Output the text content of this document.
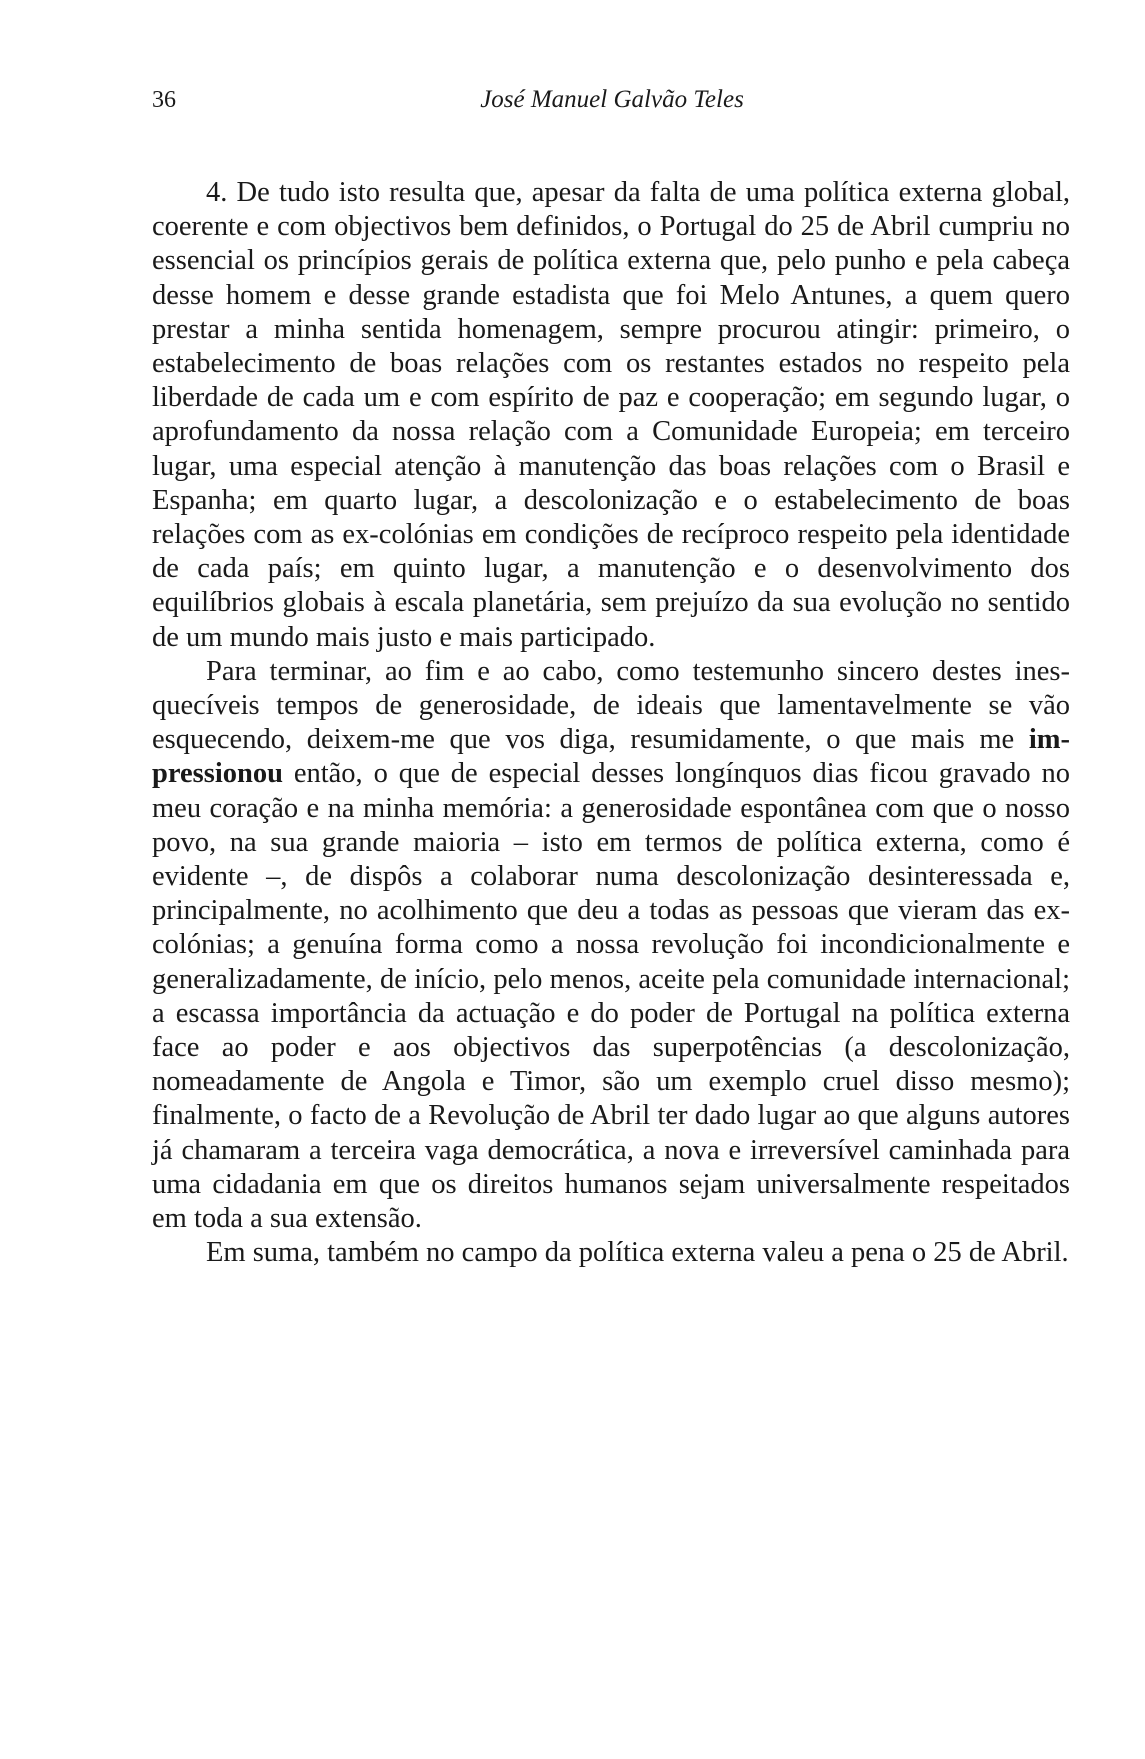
36	José Manuel Galvão Teles

4. De tudo isto resulta que, apesar da falta de uma política externa global, coerente e com objectivos bem definidos, o Portugal do 25 de Abril cumpriu no essencial os princípios gerais de política externa que, pelo punho e pela cabeça desse homem e desse grande estadista que foi Melo Antunes, a quem quero prestar a minha sentida homenagem, sempre procurou atingir: primeiro, o estabelecimento de boas relações com os restantes estados no respeito pela liberdade de cada um e com espírito de paz e cooperação; em segundo lugar, o aprofundamento da nossa relação com a Comunidade Europeia; em terceiro lugar, uma especial atenção à manutenção das boas relações com o Brasil e Espanha; em quarto lugar, a descolonização e o estabelecimento de boas relações com as ex-colónias em condições de recíproco respeito pela identidade de cada país; em quinto lugar, a manutenção e o desenvolvimento dos equilíbrios globais à escala planetária, sem prejuízo da sua evolução no sentido de um mundo mais justo e mais participado.

Para terminar, ao fim e ao cabo, como testemunho sincero destes inesquecíveis tempos de generosidade, de ideais que lamentavelmente se vão esquecendo, deixem-me que vos diga, resumidamente, o que mais me impressionou então, o que de especial desses longínquos dias ficou gravado no meu coração e na minha memória: a generosidade espontânea com que o nosso povo, na sua grande maioria – isto em termos de política externa, como é evidente –, de dispôs a colaborar numa descolonização desinteressada e, principalmente, no acolhimento que deu a todas as pessoas que vieram das ex-colónias; a genuína forma como a nossa revolução foi incondicionalmente e generalizadamente, de início, pelo menos, aceite pela comunidade internacional; a escassa importância da actuação e do poder de Portugal na política externa face ao poder e aos objectivos das superpotências (a descolonização, nomeadamente de Angola e Timor, são um exemplo cruel disso mesmo); finalmente, o facto de a Revolução de Abril ter dado lugar ao que alguns autores já chamaram a terceira vaga democrática, a nova e irreversível caminhada para uma cidadania em que os direitos humanos sejam universalmente respeitados em toda a sua extensão.

Em suma, também no campo da política externa valeu a pena o 25 de Abril.
